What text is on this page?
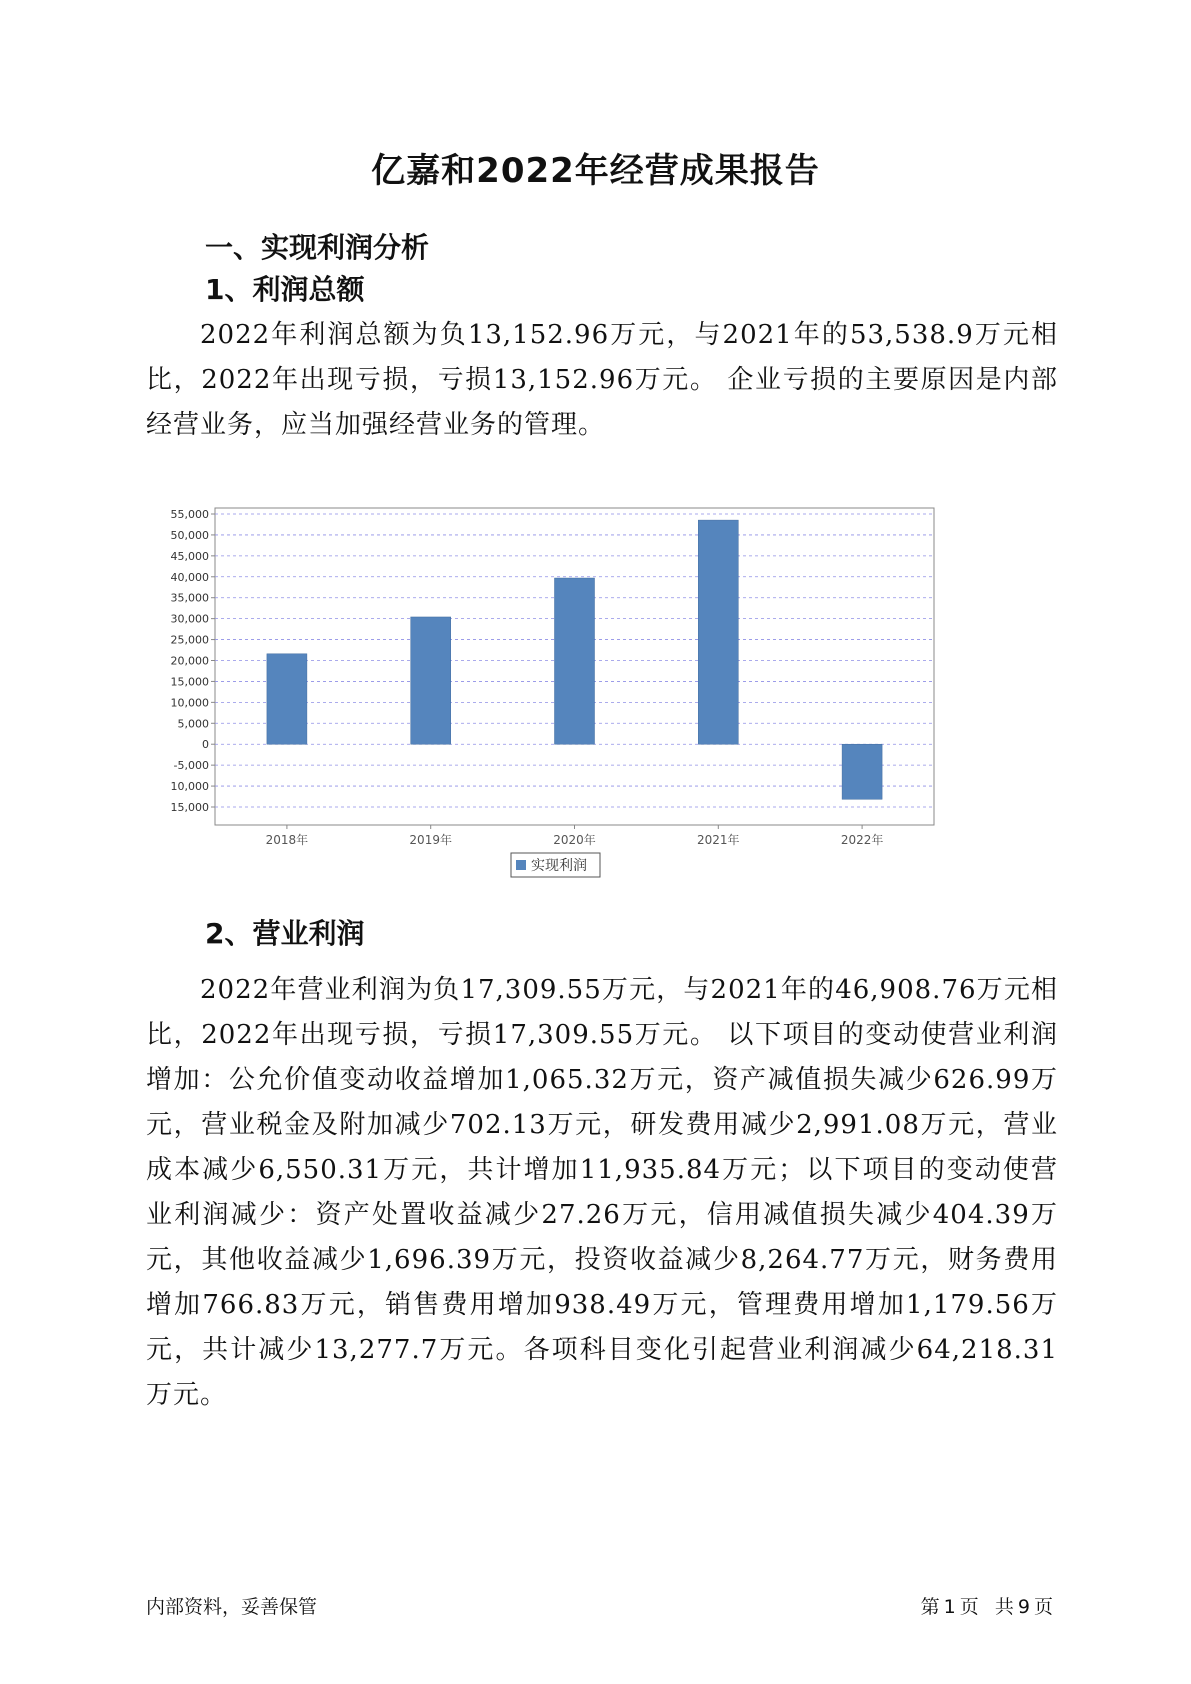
亿嘉和2022年经营成果报告
一、实现利润分析
1、利润总额
2022年利润总额为负13,152.96万元，与2021年的53,538.9万元相比，2022年出现亏损，亏损13,152.96万元。 企业亏损的主要原因是内部经营业务，应当加强经营业务的管理。
55,000
50,000
45,000
40,000
35,000
30,000
25,000
20,000
15,000
10,000
5,000
0
-5,000
-10,000
-15,000
2018年	2019年	2020年	2021年	2022年
实现利润
2、营业利润
2022年营业利润为负17,309.55万元，与2021年的46,908.76万元相比，2022年出现亏损，亏损17,309.55万元。 以下项目的变动使营业利润增加：公允价值变动收益增加1,065.32万元，资产减值损失减少626.99万元，营业税金及附加减少702.13万元，研发费用减少2,991.08万元，营业成本减少6,550.31万元，共计增加11,935.84万元；以下项目的变动使营业利润减少：资产处置收益减少27.26万元，信用减值损失减少404.39万元，其他收益减少1,696.39万元，投资收益减少8,264.77万元，财务费用增加766.83万元，销售费用增加938.49万元，管理费用增加1,179.56万元，共计减少13,277.7万元。各项科目变化引起营业利润减少64,218.31万元。
内部资料，妥善保管	第 1 页 共 9 页
